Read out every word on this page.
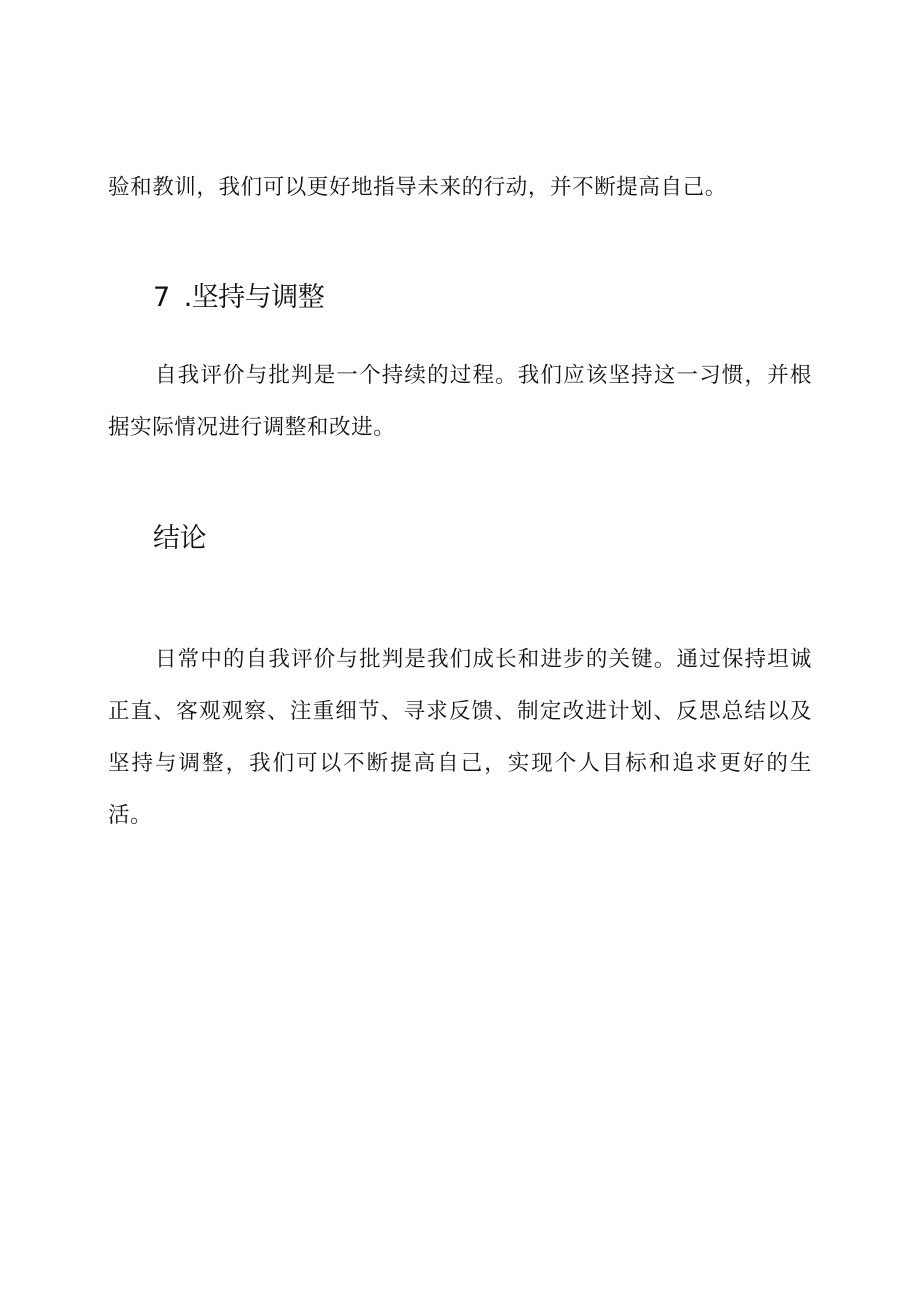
验和教训，我们可以更好地指导未来的行动，并不断提高自己。

7 .坚持与调整

自我评价与批判是一个持续的过程。我们应该坚持这一习惯，并根据实际情况进行调整和改进。

结论

日常中的自我评价与批判是我们成长和进步的关键。通过保持坦诚正直、客观观察、注重细节、寻求反馈、制定改进计划、反思总结以及坚持与调整，我们可以不断提高自己，实现个人目标和追求更好的生活。
